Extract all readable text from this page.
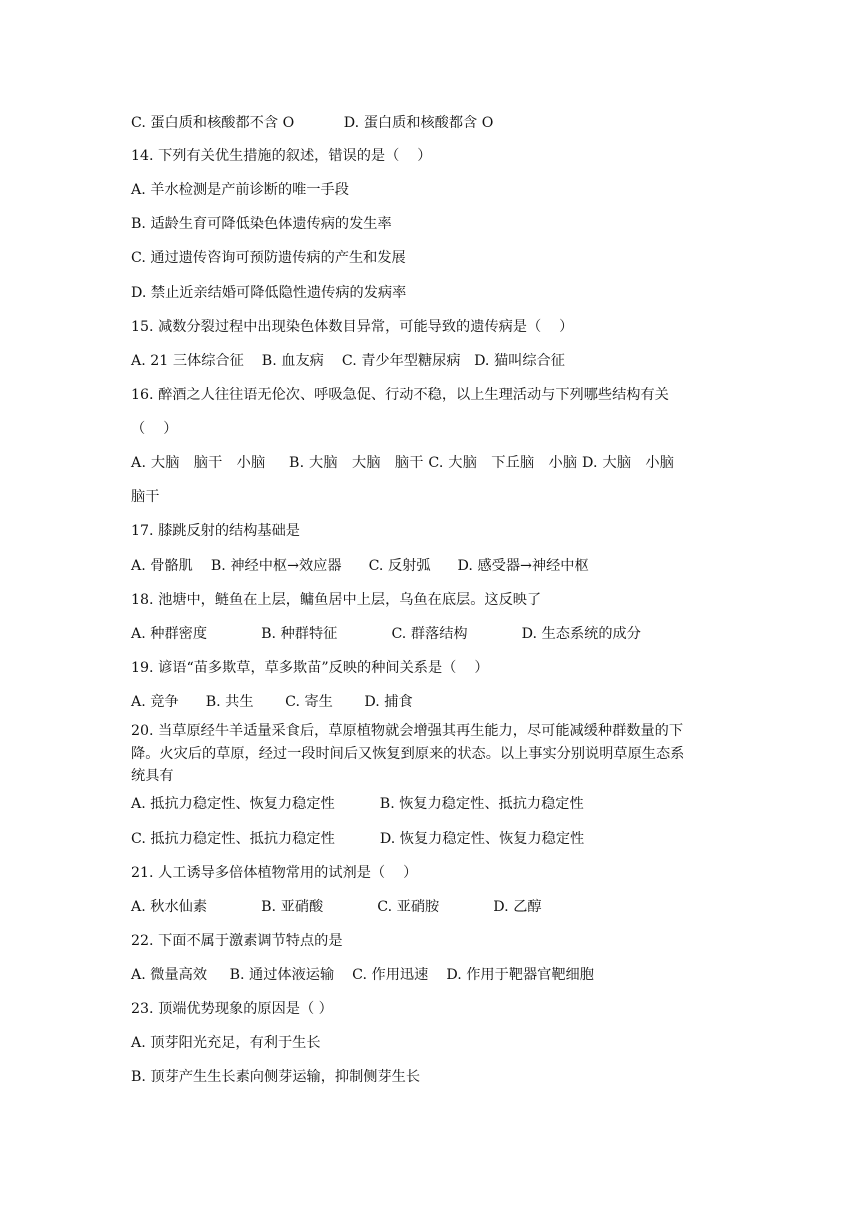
C. 蛋白质和核酸都不含 O           D. 蛋白质和核酸都含 O
14. 下列有关优生措施的叙述，错误的是（    ）
A. 羊水检测是产前诊断的唯一手段
B. 适龄生育可降低染色体遗传病的发生率
C. 通过遗传咨询可预防遗传病的产生和发展
D. 禁止近亲结婚可降低隐性遗传病的发病率
15. 减数分裂过程中出现染色体数目异常，可能导致的遗传病是（    ）
A. 21 三体综合征    B. 血友病    C. 青少年型糖尿病   D. 猫叫综合征
16. 醉酒之人往往语无伦次、呼吸急促、行动不稳，以上生理活动与下列哪些结构有关
（    ）
A. 大脑   脑干   小脑     B. 大脑   大脑   脑干 C. 大脑   下丘脑   小脑 D. 大脑   小脑
脑干
17. 膝跳反射的结构基础是
A. 骨骼肌    B. 神经中枢→效应器      C. 反射弧      D. 感受器→神经中枢
18. 池塘中，鲢鱼在上层，鳙鱼居中上层，乌鱼在底层。这反映了
A. 种群密度            B. 种群特征            C. 群落结构            D. 生态系统的成分
19. 谚语“苗多欺草，草多欺苗”反映的种间关系是（    ）
A. 竞争      B. 共生       C. 寄生       D. 捕食
20. 当草原经牛羊适量采食后，草原植物就会增强其再生能力，尽可能减缓种群数量的下
降。火灾后的草原，经过一段时间后又恢复到原来的状态。以上事实分别说明草原生态系
统具有
A. 抵抗力稳定性、恢复力稳定性          B. 恢复力稳定性、抵抗力稳定性
C. 抵抗力稳定性、抵抗力稳定性          D. 恢复力稳定性、恢复力稳定性
21. 人工诱导多倍体植物常用的试剂是（    ）
A. 秋水仙素            B. 亚硝酸            C. 亚硝胺            D. 乙醇
22. 下面不属于激素调节特点的是
A. 微量高效     B. 通过体液运输    C. 作用迅速    D. 作用于靶器官靶细胞
23. 顶端优势现象的原因是（ ）
A. 顶芽阳光充足，有利于生长
B. 顶芽产生生长素向侧芽运输，抑制侧芽生长
